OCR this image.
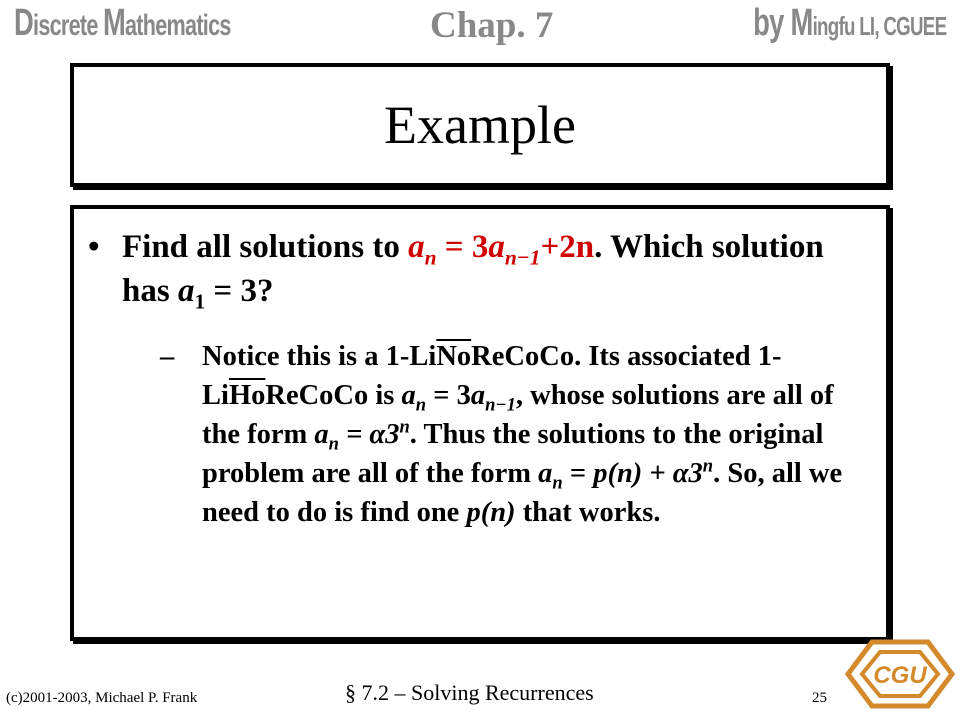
Discrete Mathematics	Chap. 7	by Mingfu LI, CGUEE
Example
• Find all solutions to $a_n = 3a_{n-1}+2n$. Which solution has $a_1 = 3$?
– Notice this is a $1-Li\overline{No}ReCoCo$. Its associated $1-Li\overline{Ho}ReCoCo$ is $a_n = 3a_{n-1}$, whose solutions are all of the form $a_n = \alpha 3^n$. Thus the solutions to the original problem are all of the form $a_n = p(n) + \alpha 3^n$. So, all we need to do is find one p(n) that works.
(c)2001-2003, Michael P. Frank	§ 7.2 – Solving Recurrences	25
CGU
